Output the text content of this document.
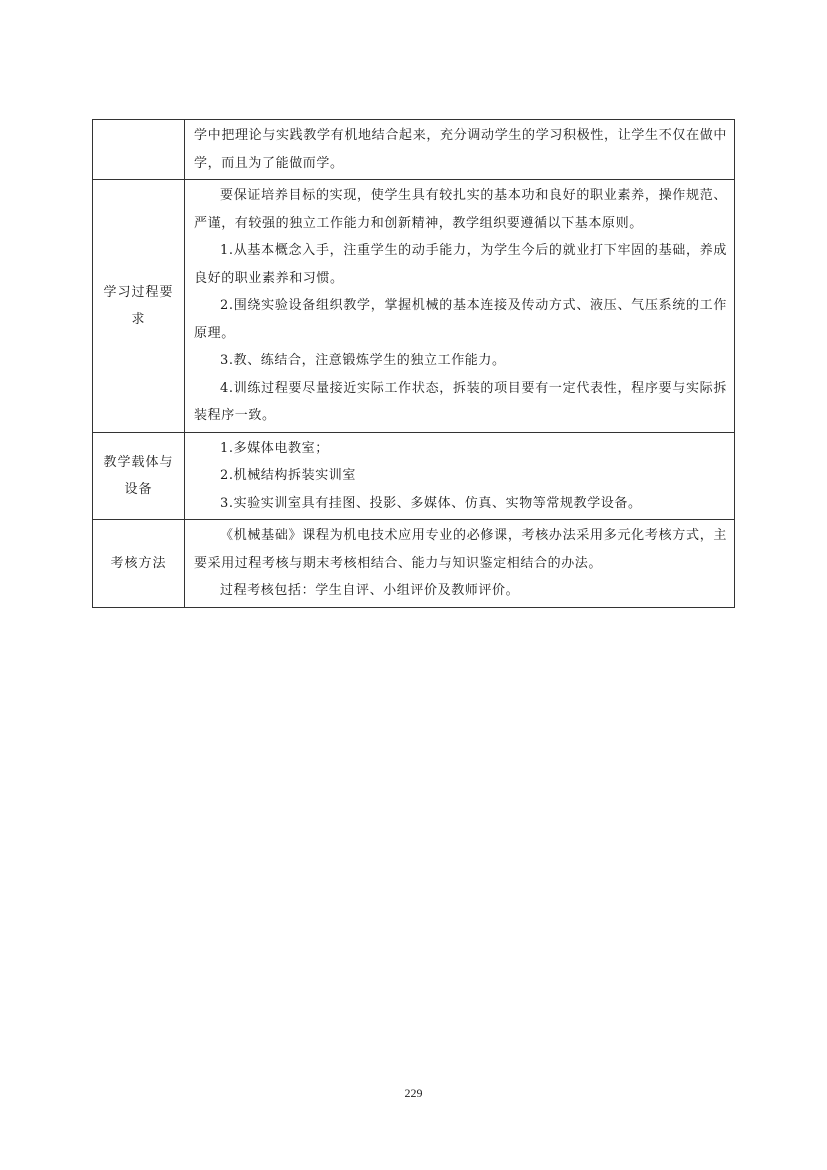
	学中把理论与实践教学有机地结合起来，充分调动学生的学习积极性，让学生不仅在做中学，而且为了能做而学。

学习过程要求	要保证培养目标的实现，使学生具有较扎实的基本功和良好的职业素养，操作规范、严谨，有较强的独立工作能力和创新精神，教学组织要遵循以下基本原则。

1.从基本概念入手，注重学生的动手能力，为学生今后的就业打下牢固的基础，养成良好的职业素养和习惯。

2.围绕实验设备组织教学，掌握机械的基本连接及传动方式、液压、气压系统的工作原理。

3.教、练结合，注意锻炼学生的独立工作能力。

4.训练过程要尽量接近实际工作状态，拆装的项目要有一定代表性，程序要与实际拆装程序一致。

教学载体与设备	1.多媒体电教室；

2.机械结构拆装实训室

3.实验实训室具有挂图、投影、多媒体、仿真、实物等常规教学设备。

考核方法	《机械基础》课程为机电技术应用专业的必修课，考核办法采用多元化考核方式，主要采用过程考核与期末考核相结合、能力与知识鉴定相结合的办法。

过程考核包括：学生自评、小组评价及教师评价。

229
